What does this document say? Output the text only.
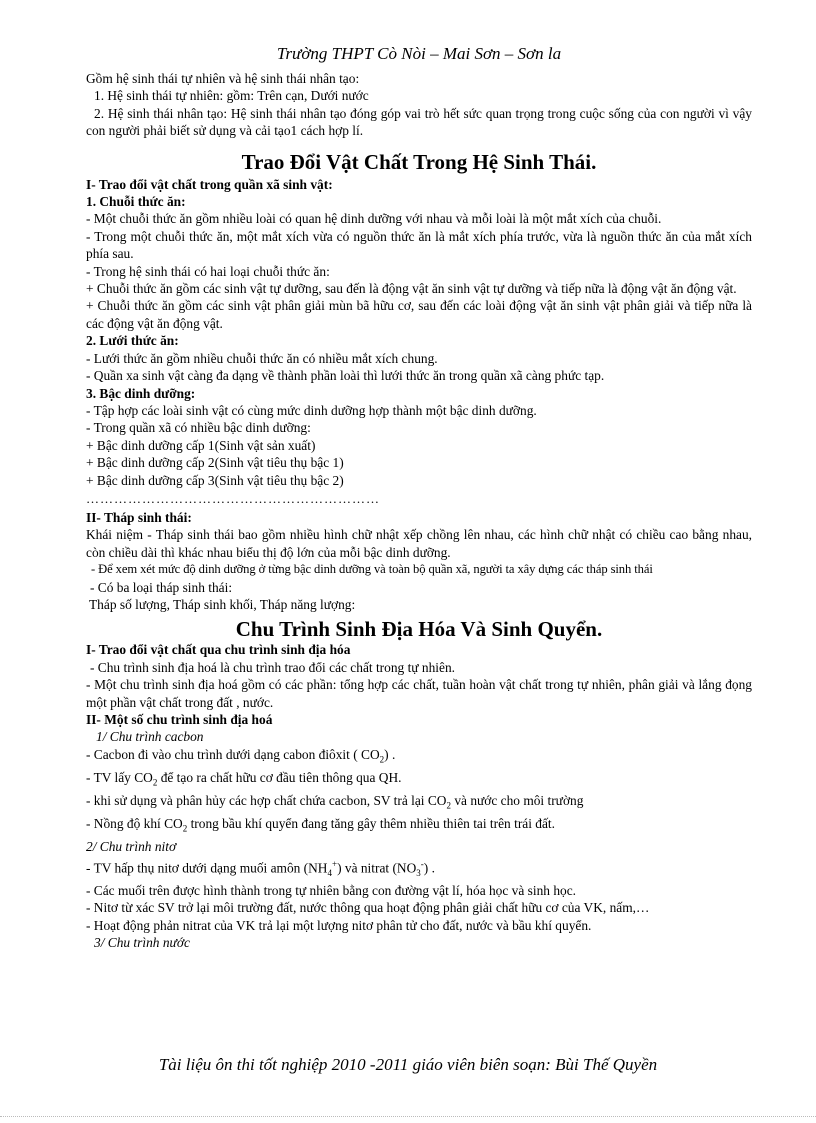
Trường THPT Cò Nòi – Mai Sơn – Sơn la

Gồm hệ sinh thái tự nhiên và hệ sinh thái nhân tạo:

1. Hệ sinh thái tự nhiên: gồm: Trên cạn, Dưới nước

2. Hệ sinh thái nhân tạo: Hệ sinh thái nhân tạo đóng góp vai trò hết sức quan trọng trong cuộc sống của con người vì vậy con người phải biết sử dụng và cải tạo1 cách hợp lí.

Trao Đổi Vật Chất Trong Hệ Sinh Thái.

I- Trao đổi vật chất trong quần xã sinh vật:

1. Chuỗi thức ăn:

- Một chuỗi thức ăn gồm nhiều loài có quan hệ dinh dưỡng với nhau và mỗi loài là một mắt xích của chuỗi.

- Trong một chuỗi thức ăn, một mắt xích vừa có nguồn thức ăn là mắt xích phía trước, vừa là nguồn thức ăn của mắt xích phía sau.

- Trong hệ sinh thái có hai loại chuỗi thức ăn:

+ Chuỗi thức ăn gồm các sinh vật tự dưỡng, sau đến là động vật ăn sinh vật tự dưỡng và tiếp nữa là động vật ăn động vật.

+ Chuỗi thức ăn gồm các sinh vật phân giải mùn bã hữu cơ, sau đến các loài động vật ăn sinh vật phân giải và tiếp nữa là các động vật ăn động vật.

2. Lưới thức ăn:

- Lưới thức ăn gồm nhiều chuỗi thức ăn có nhiều mắt xích chung.

- Quần xa sinh vật càng đa dạng về thành phần loài thì lưới thức ăn trong quần xã càng phức tạp.

3. Bậc dinh dưỡng:

- Tập hợp các loài sinh vật có cùng mức dinh dưỡng hợp thành một bậc dinh dưỡng.

- Trong quần xã có nhiều bậc dinh dưỡng:

+ Bậc dinh dưỡng cấp 1(Sinh vật sản xuất)

+ Bậc dinh dưỡng cấp 2(Sinh vật tiêu thụ bậc 1)

+ Bậc dinh dưỡng cấp 3(Sinh vật tiêu thụ bậc 2)

………………………………………………………

II- Tháp sinh thái:

Khái niệm - Tháp sinh thái bao gồm nhiều hình chữ nhật xếp chồng lên nhau, các hình chữ nhật có chiều cao bằng nhau, còn chiều dài thì khác nhau biểu thị độ lớn của mỗi bậc dinh dưỡng.

- Để xem xét mức độ dinh dưỡng ở từng bậc dinh dưỡng và toàn bộ quần xã, người ta xây dựng các tháp sinh thái

- Có ba loại tháp sinh thái:

Tháp số lượng, Tháp sinh khối, Tháp năng lượng:

Chu Trình Sinh Địa Hóa Và Sinh Quyển.

I- Trao đổi vật chất qua chu trình sinh địa hóa

- Chu trình sinh địa hoá là chu trình trao đổi các chất trong tự nhiên.

- Một chu trình sinh địa hoá gồm có các phần: tổng hợp các chất, tuần hoàn vật chất trong tự nhiên, phân giải và lắng đọng một phần vật chất trong đất , nước.

II- Một số chu trình sinh địa hoá

1/ Chu trình cacbon

- Cacbon đi vào chu trình dưới dạng cabon điôxit ( $CO_2$) .

- TV lấy $CO_2$ để tạo ra chất hữu cơ đầu tiên thông qua QH.

- khi sử dụng và phân hủy các hợp chất chứa cacbon, SV trả lại $CO_2$ và nước cho môi trường

- Nồng độ khí $CO_2$ trong bầu khí quyển đang tăng gây thêm nhiều thiên tai trên trái đất.

2/ Chu trình nitơ

- TV hấp thụ nitơ dưới dạng muối amôn $(NH_4^+)$ và nitrat $(NO_3^-)$ .

- Các muối trên được hình thành trong tự nhiên bằng con đường vật lí, hóa học và sinh học.

- Nitơ từ xác SV trở lại môi trường đất, nước thông qua hoạt động phân giải chất hữu cơ của VK, nấm,…

- Hoạt động phản nitrat của VK trả lại một lượng nitơ phân tử cho đất, nước và bầu khí quyển.

3/ Chu trình nước

Tài liệu ôn thi tốt nghiệp 2010 -2011 giáo viên biên soạn: Bùi Thế Quyền
